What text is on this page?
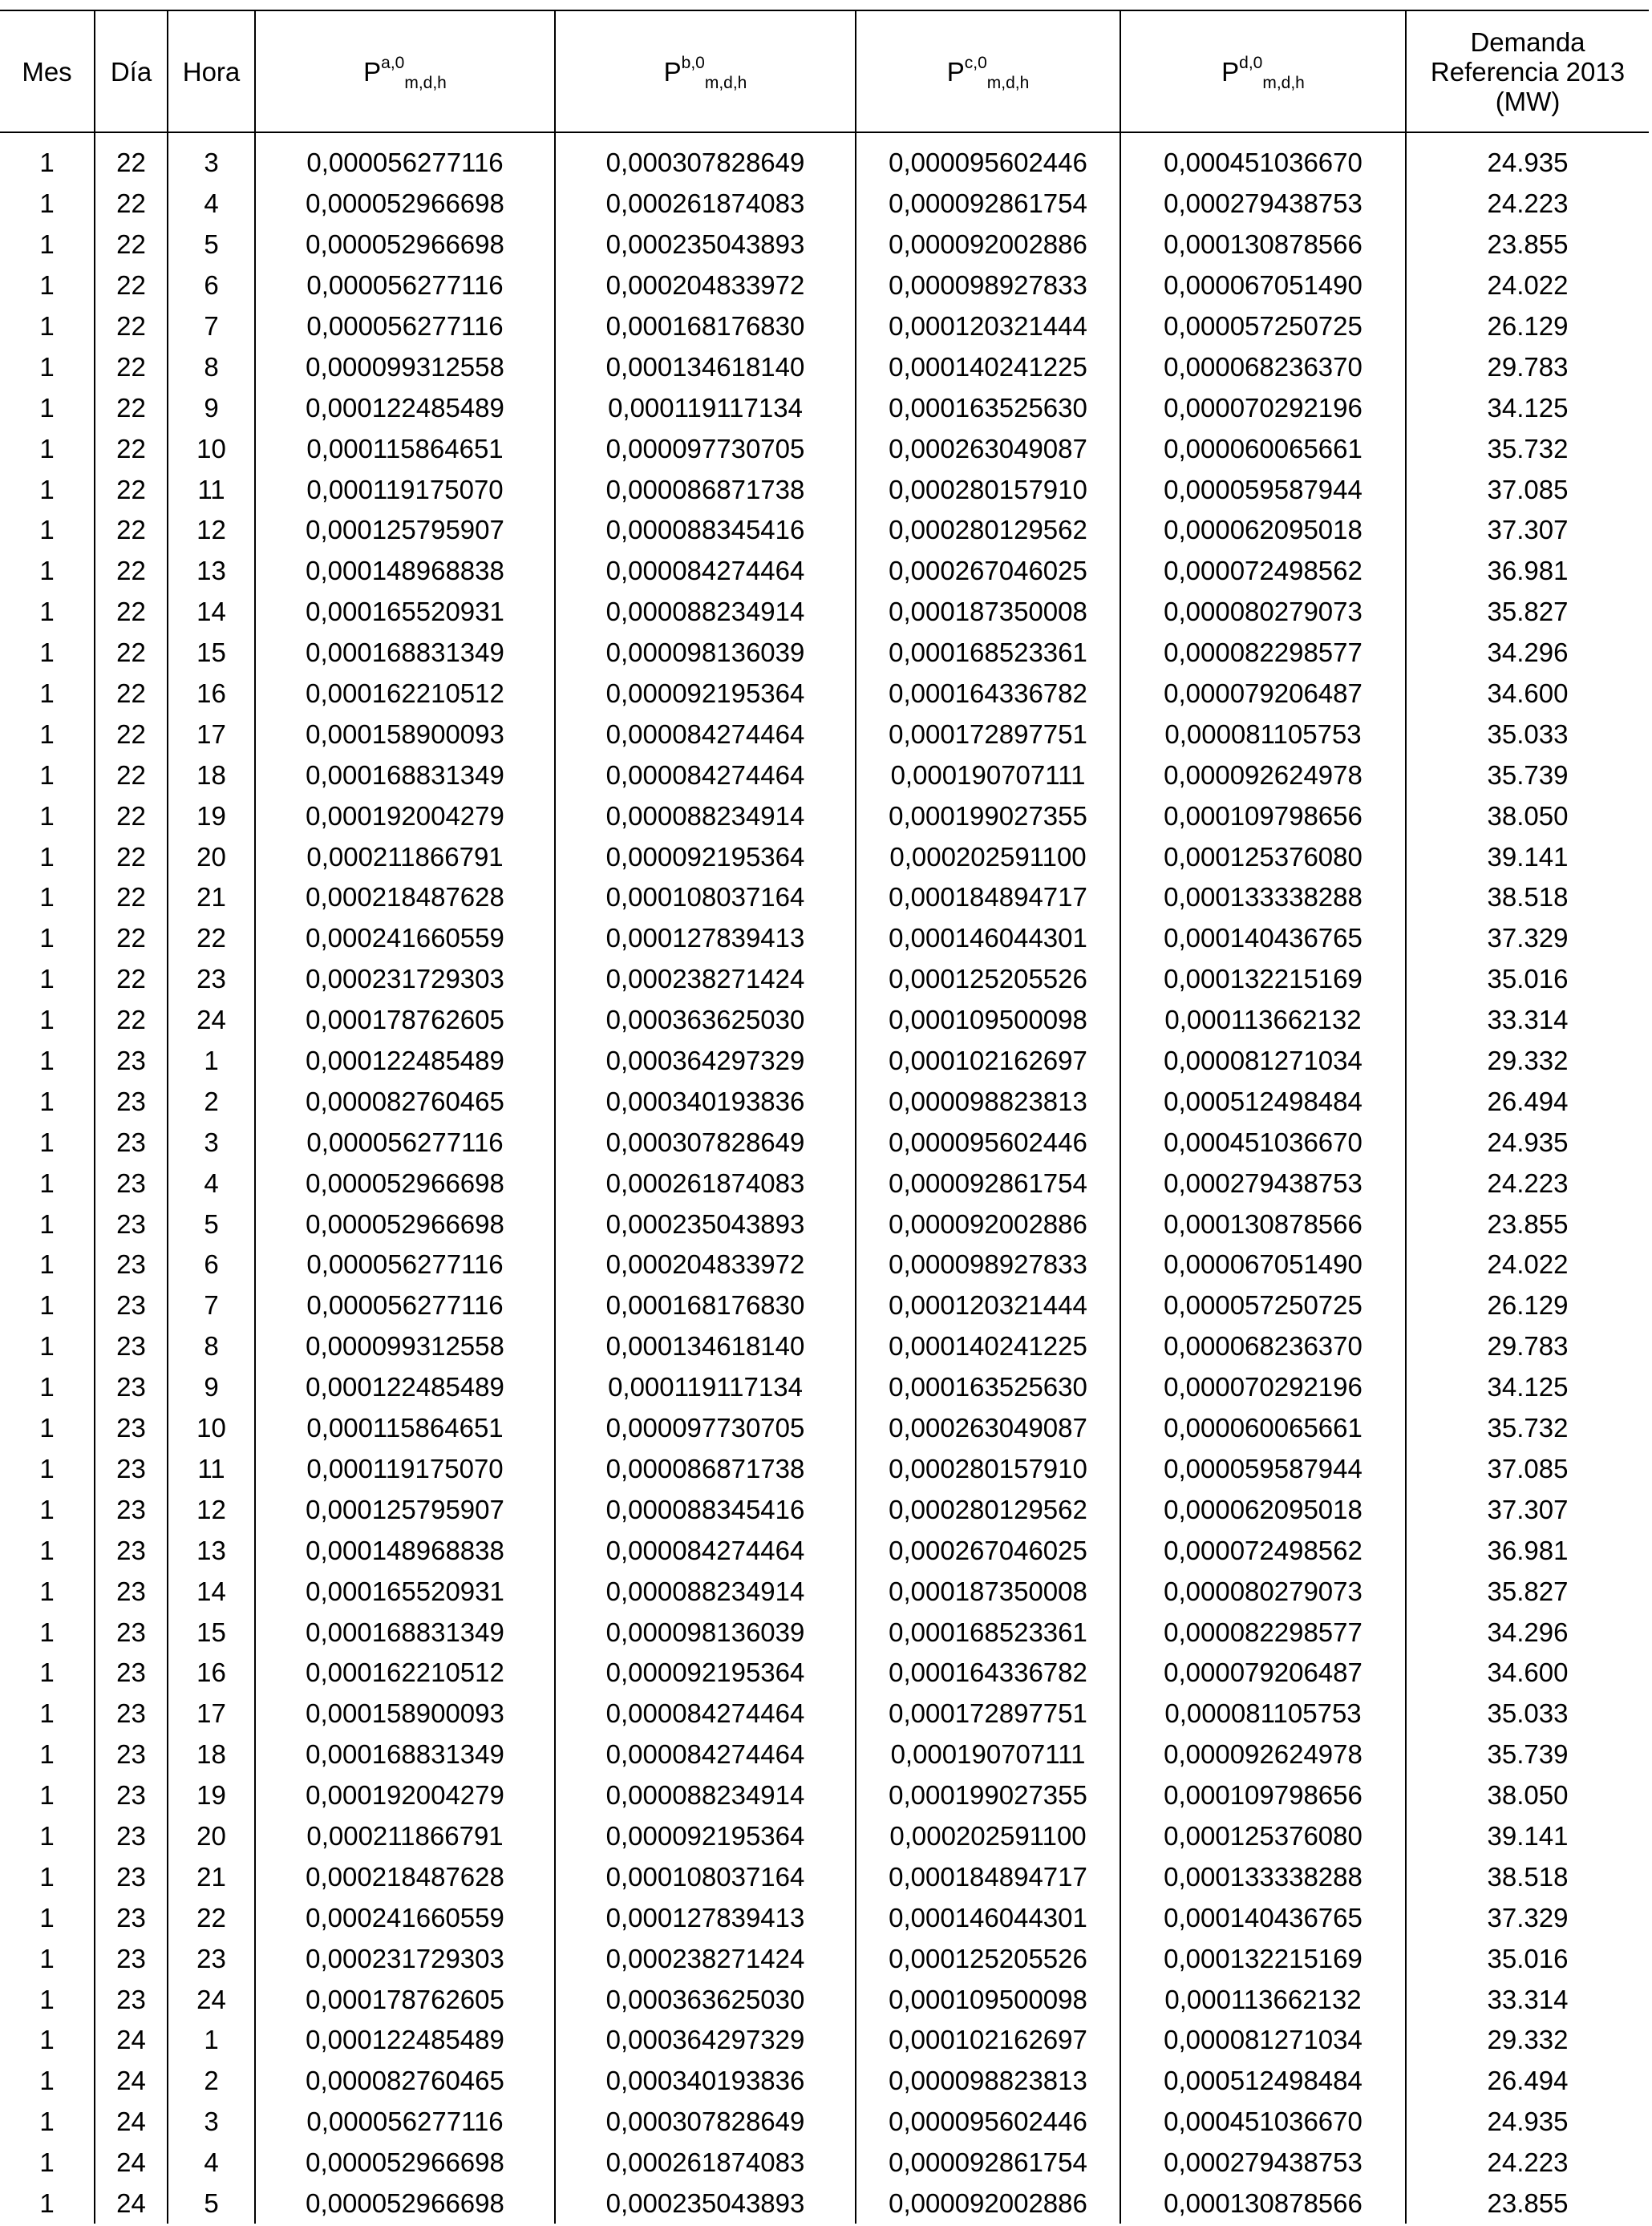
Mes	Día	Hora	P$^{a,0}_{m,d,h}$	P$^{b,0}_{m,d,h}$	P$^{c,0}_{m,d,h}$	P$^{d,0}_{m,d,h}$	Demanda
Referencia 2013
(MW)

1	22	3	0,000056277116	0,000307828649	0,000095602446	0,000451036670	24.935
1	22	4	0,000052966698	0,000261874083	0,000092861754	0,000279438753	24.223
1	22	5	0,000052966698	0,000235043893	0,000092002886	0,000130878566	23.855
1	22	6	0,000056277116	0,000204833972	0,000098927833	0,000067051490	24.022
1	22	7	0,000056277116	0,000168176830	0,000120321444	0,000057250725	26.129
1	22	8	0,000099312558	0,000134618140	0,000140241225	0,000068236370	29.783
1	22	9	0,000122485489	0,000119117134	0,000163525630	0,000070292196	34.125
1	22	10	0,000115864651	0,000097730705	0,000263049087	0,000060065661	35.732
1	22	11	0,000119175070	0,000086871738	0,000280157910	0,000059587944	37.085
1	22	12	0,000125795907	0,000088345416	0,000280129562	0,000062095018	37.307
1	22	13	0,000148968838	0,000084274464	0,000267046025	0,000072498562	36.981
1	22	14	0,000165520931	0,000088234914	0,000187350008	0,000080279073	35.827
1	22	15	0,000168831349	0,000098136039	0,000168523361	0,000082298577	34.296
1	22	16	0,000162210512	0,000092195364	0,000164336782	0,000079206487	34.600
1	22	17	0,000158900093	0,000084274464	0,000172897751	0,000081105753	35.033
1	22	18	0,000168831349	0,000084274464	0,000190707111	0,000092624978	35.739
1	22	19	0,000192004279	0,000088234914	0,000199027355	0,000109798656	38.050
1	22	20	0,000211866791	0,000092195364	0,000202591100	0,000125376080	39.141
1	22	21	0,000218487628	0,000108037164	0,000184894717	0,000133338288	38.518
1	22	22	0,000241660559	0,000127839413	0,000146044301	0,000140436765	37.329
1	22	23	0,000231729303	0,000238271424	0,000125205526	0,000132215169	35.016
1	22	24	0,000178762605	0,000363625030	0,000109500098	0,000113662132	33.314
1	23	1	0,000122485489	0,000364297329	0,000102162697	0,000081271034	29.332
1	23	2	0,000082760465	0,000340193836	0,000098823813	0,000512498484	26.494
1	23	3	0,000056277116	0,000307828649	0,000095602446	0,000451036670	24.935
1	23	4	0,000052966698	0,000261874083	0,000092861754	0,000279438753	24.223
1	23	5	0,000052966698	0,000235043893	0,000092002886	0,000130878566	23.855
1	23	6	0,000056277116	0,000204833972	0,000098927833	0,000067051490	24.022
1	23	7	0,000056277116	0,000168176830	0,000120321444	0,000057250725	26.129
1	23	8	0,000099312558	0,000134618140	0,000140241225	0,000068236370	29.783
1	23	9	0,000122485489	0,000119117134	0,000163525630	0,000070292196	34.125
1	23	10	0,000115864651	0,000097730705	0,000263049087	0,000060065661	35.732
1	23	11	0,000119175070	0,000086871738	0,000280157910	0,000059587944	37.085
1	23	12	0,000125795907	0,000088345416	0,000280129562	0,000062095018	37.307
1	23	13	0,000148968838	0,000084274464	0,000267046025	0,000072498562	36.981
1	23	14	0,000165520931	0,000088234914	0,000187350008	0,000080279073	35.827
1	23	15	0,000168831349	0,000098136039	0,000168523361	0,000082298577	34.296
1	23	16	0,000162210512	0,000092195364	0,000164336782	0,000079206487	34.600
1	23	17	0,000158900093	0,000084274464	0,000172897751	0,000081105753	35.033
1	23	18	0,000168831349	0,000084274464	0,000190707111	0,000092624978	35.739
1	23	19	0,000192004279	0,000088234914	0,000199027355	0,000109798656	38.050
1	23	20	0,000211866791	0,000092195364	0,000202591100	0,000125376080	39.141
1	23	21	0,000218487628	0,000108037164	0,000184894717	0,000133338288	38.518
1	23	22	0,000241660559	0,000127839413	0,000146044301	0,000140436765	37.329
1	23	23	0,000231729303	0,000238271424	0,000125205526	0,000132215169	35.016
1	23	24	0,000178762605	0,000363625030	0,000109500098	0,000113662132	33.314
1	24	1	0,000122485489	0,000364297329	0,000102162697	0,000081271034	29.332
1	24	2	0,000082760465	0,000340193836	0,000098823813	0,000512498484	26.494
1	24	3	0,000056277116	0,000307828649	0,000095602446	0,000451036670	24.935
1	24	4	0,000052966698	0,000261874083	0,000092861754	0,000279438753	24.223
1	24	5	0,000052966698	0,000235043893	0,000092002886	0,000130878566	23.855
